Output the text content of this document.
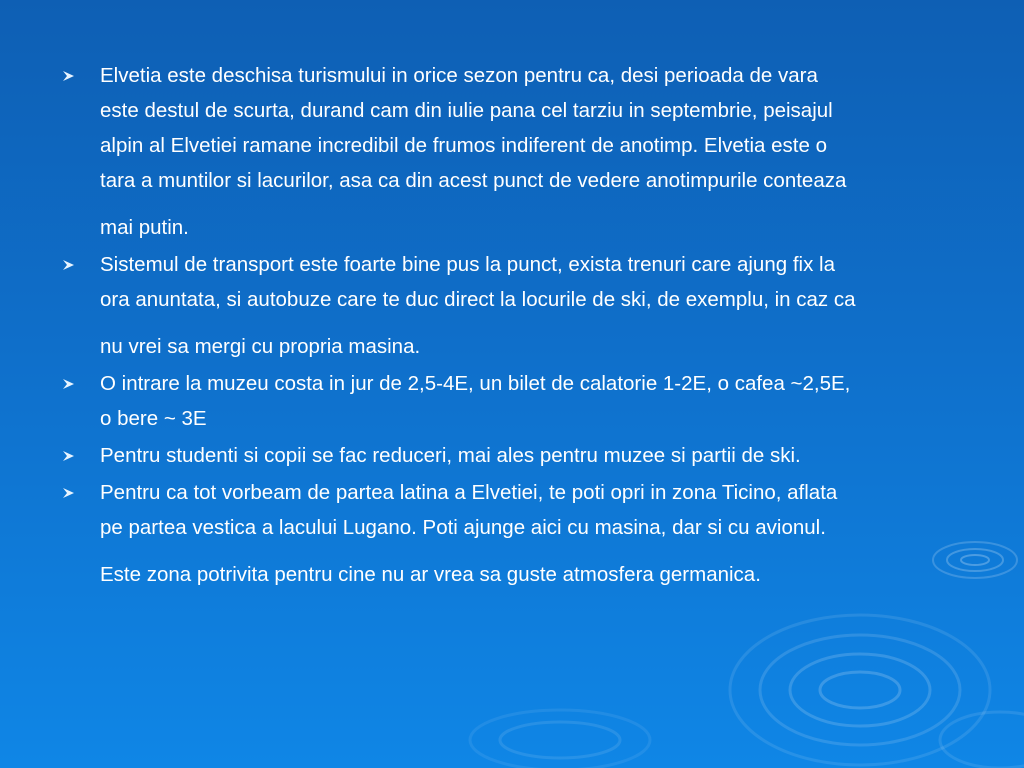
Elvetia este deschisa turismului in orice sezon pentru ca, desi perioada de vara
este destul de scurta, durand cam din iulie pana cel tarziu in septembrie, peisajul
alpin al Elvetiei ramane incredibil de frumos indiferent de anotimp. Elvetia este o
tara a muntilor si lacurilor, asa ca din acest punct de vedere anotimpurile conteaza
mai putin.
Sistemul de transport este foarte bine pus la punct, exista trenuri care ajung fix la
ora anuntata, si autobuze care te duc direct la locurile de ski, de exemplu, in caz ca
nu vrei sa mergi cu propria masina.
O intrare la muzeu costa in jur de 2,5-4E, un bilet de calatorie 1-2E, o cafea ~2,5E,
o bere ~ 3E
Pentru studenti si copii se fac reduceri, mai ales pentru muzee si partii de ski.
Pentru ca tot vorbeam de partea latina a Elvetiei, te poti opri in zona Ticino, aflata
pe partea vestica a lacului Lugano. Poti ajunge aici cu masina, dar si cu avionul.
Este zona potrivita pentru cine nu ar vrea sa guste atmosfera germanica.
